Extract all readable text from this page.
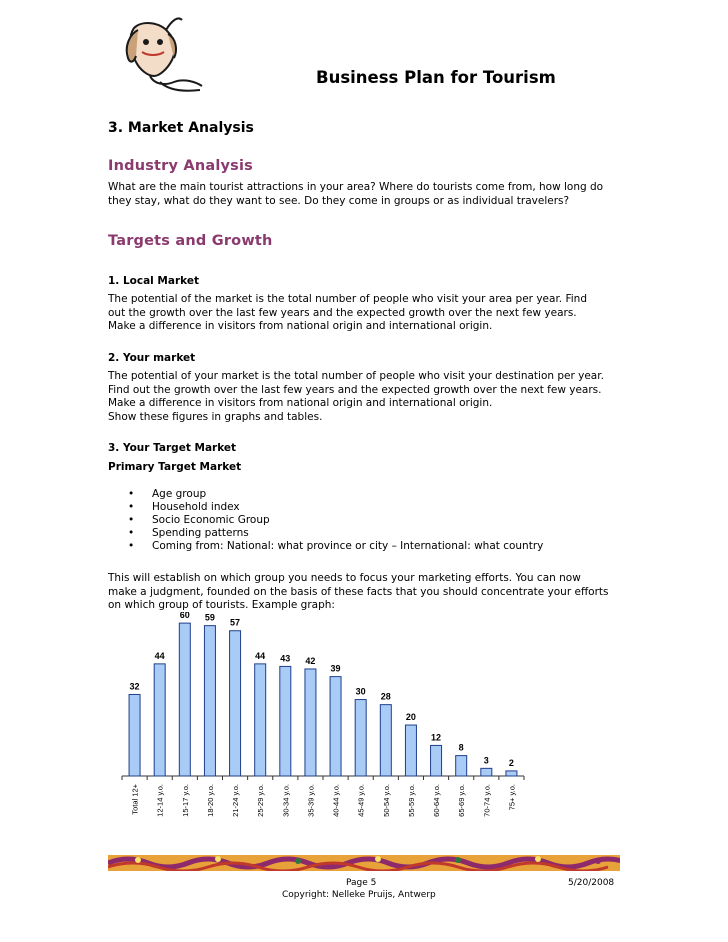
Business Plan for Tourism
3. Market Analysis
Industry Analysis
What are the main tourist attractions in your area? Where do tourists come from, how long do
they stay, what do they want to see. Do they come in groups or as individual travelers?
Targets and Growth
1. Local Market
The potential of the market is the total number of people who visit your area per year. Find
out the growth over the last few years and the expected growth over the next few years.
Make a difference in visitors from national origin and international origin.
2. Your market
The potential of your market is the total number of people who visit your destination per year.
Find out the growth over the last few years and the expected growth over the next few years.
Make a difference in visitors from national origin and international origin.
Show these figures in graphs and tables.
3. Your Target Market
Primary Target Market
• Age group
• Household index
• Socio Economic Group
• Spending patterns
• Coming from: National: what province or city – International: what country
This will establish on which group you needs to focus your marketing efforts. You can now
make a judgment, founded on the basis of these facts that you should concentrate your efforts
on which group of tourists. Example graph:
32
Total 12+
44
12-14 y.o.
60
15-17 y.o.
59
18-20 y.o.
57
21-24 y.o.
44
25-29 y.o.
43
30-34 y.o.
42
35-39 y.o.
39
40-44 y.o.
30
45-49 y.o.
28
50-54 y.o.
20
55-59 y.o.
12
60-64 y.o.
8
65-69 y.o.
3
70-74 y.o.
2
75+ y.o.
Page 5	5/20/2008
Copyright: Nelleke Pruijs, Antwerp
